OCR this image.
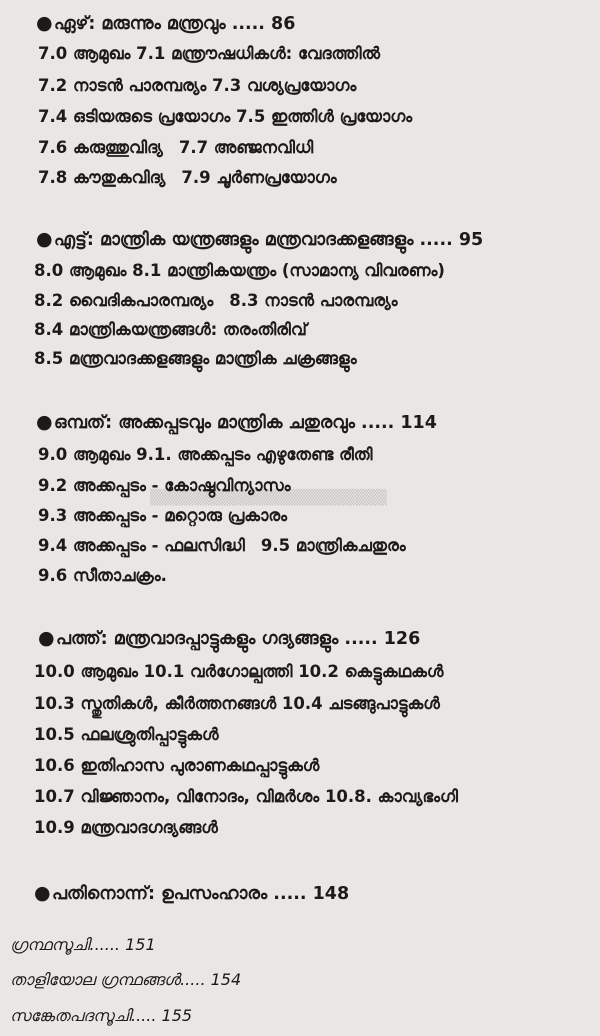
▒▒▒▒▒▒▒▒▒▒▒▒▒▒▒▒▒▒▒▒▒▒
●ഏഴ്: മരുന്നും മന്ത്രവും ..... 86
7.0 ആമുഖം 7.1 മന്ത്രൗഷധികൾ: വേദത്തിൽ
7.2 നാടൻ പാരമ്പര്യം 7.3 വശ്യപ്രയോഗം
7.4 ഒടിയരുടെ പ്രയോഗം 7.5 ഇത്തിൾ പ്രയോഗം
7.6 കരുത്തുവിദ്യ 7.7 അഞ്ജനവിധി
7.8 കൗതുകവിദ്യ 7.9 ചൂർണപ്രയോഗം
●എട്ട്: മാന്ത്രിക യന്ത്രങ്ങളും മന്ത്രവാദക്കളങ്ങളും ..... 95
8.0 ആമുഖം 8.1 മാന്ത്രികയന്ത്രം (സാമാന്യ വിവരണം)
8.2 വൈദികപാരമ്പര്യം 8.3 നാടൻ പാരമ്പര്യം
8.4 മാന്ത്രികയന്ത്രങ്ങൾ: തരംതിരിവ്
8.5 മന്ത്രവാദക്കളങ്ങളും മാന്ത്രിക ചക്രങ്ങളും
●ഒമ്പത്: അക്കപ്പടവും മാന്ത്രിക ചതുരവും ..... 114
9.0 ആമുഖം 9.1. അക്കപ്പടം എഴുതേണ്ട രീതി
9.2 അക്കപ്പടം - കോഷ്ഠവിന്യാസം
9.3 അക്കപ്പടം - മറ്റൊരു പ്രകാരം
9.4 അക്കപ്പടം - ഫലസിദ്ധി 9.5 മാന്ത്രികചതുരം
9.6 സീതാചക്രം.
●പത്ത്: മന്ത്രവാദപ്പാട്ടുകളും ഗദ്യങ്ങളും ..... 126
10.0 ആമുഖം 10.1 വർഗോല്പത്തി 10.2 കെട്ടുകഥകൾ
10.3 സ്തുതികൾ, കീർത്തനങ്ങൾ 10.4 ചടങ്ങുപാട്ടുകൾ
10.5 ഫലശ്രുതിപ്പാട്ടുകൾ
10.6 ഇതിഹാസ പുരാണകഥപ്പാട്ടുകൾ
10.7 വിജ്ഞാനം, വിനോദം, വിമർശം 10.8. കാവ്യഭംഗി
10.9 മന്ത്രവാദഗദ്യങ്ങൾ
●പതിനൊന്ന്: ഉപസംഹാരം ..... 148
ഗ്രന്ഥസൂചി...... 151
താളിയോല ഗ്രന്ഥങ്ങൾ..... 154
സങ്കേതപദസൂചി..... 155
